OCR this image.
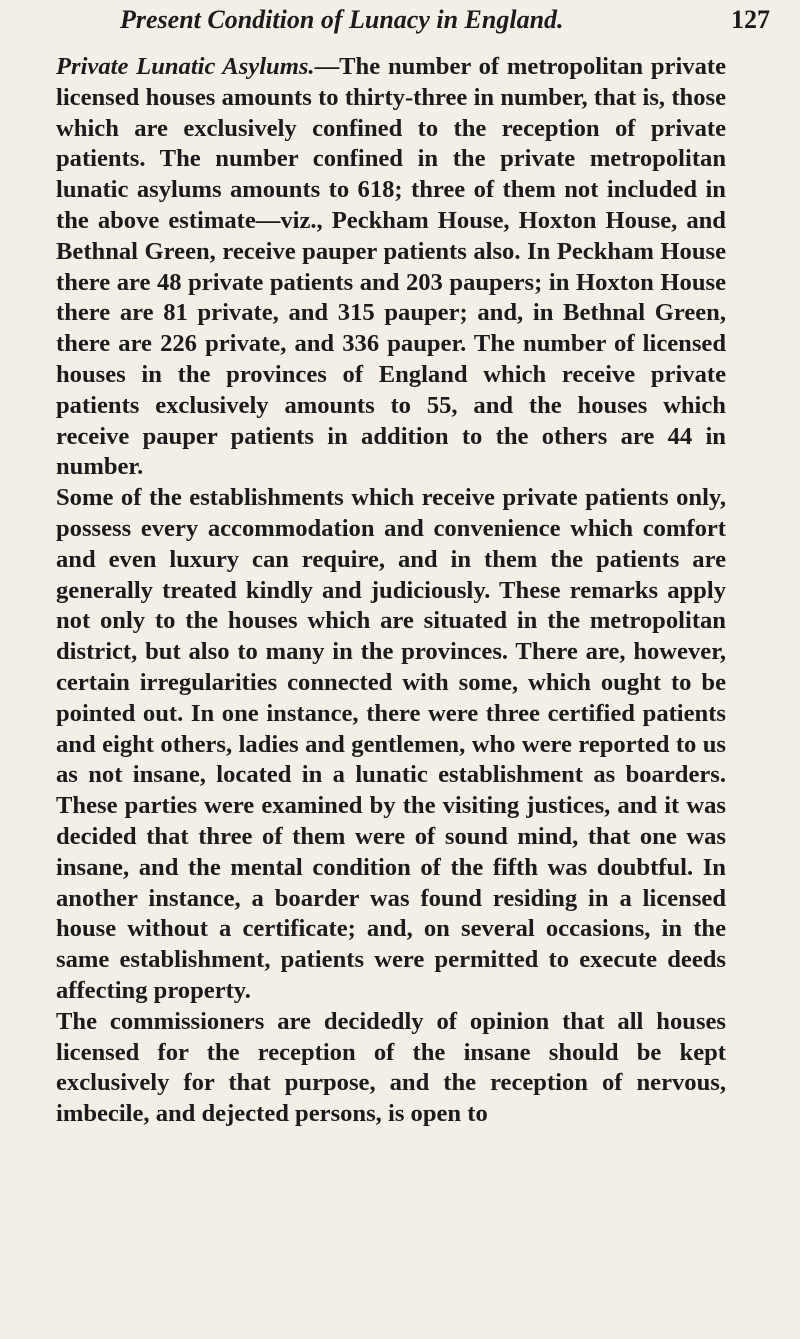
Present Condition of Lunacy in England.	127

Private Lunatic Asylums.—The number of metropolitan private licensed houses amounts to thirty-three in number, that is, those which are exclusively confined to the reception of private patients. The number confined in the private metropolitan lunatic asylums amounts to 618; three of them not included in the above estimate—viz., Peckham House, Hoxton House, and Bethnal Green, receive pauper patients also. In Peckham House there are 48 private patients and 203 paupers; in Hoxton House there are 81 private, and 315 pauper; and, in Bethnal Green, there are 226 private, and 336 pauper. The number of licensed houses in the provinces of England which receive private patients exclusively amounts to 55, and the houses which receive pauper patients in addition to the others are 44 in number.

Some of the establishments which receive private patients only, possess every accommodation and convenience which comfort and even luxury can require, and in them the patients are generally treated kindly and judiciously. These remarks apply not only to the houses which are situated in the metropolitan district, but also to many in the provinces. There are, however, certain irregularities connected with some, which ought to be pointed out. In one instance, there were three certified patients and eight others, ladies and gentlemen, who were reported to us as not insane, located in a lunatic establishment as boarders. These parties were examined by the visiting justices, and it was decided that three of them were of sound mind, that one was insane, and the mental condition of the fifth was doubtful. In another instance, a boarder was found residing in a licensed house without a certificate; and, on several occasions, in the same establishment, patients were permitted to execute deeds affecting property.

The commissioners are decidedly of opinion that all houses licensed for the reception of the insane should be kept exclusively for that purpose, and the reception of nervous, imbecile, and dejected persons, is open to
